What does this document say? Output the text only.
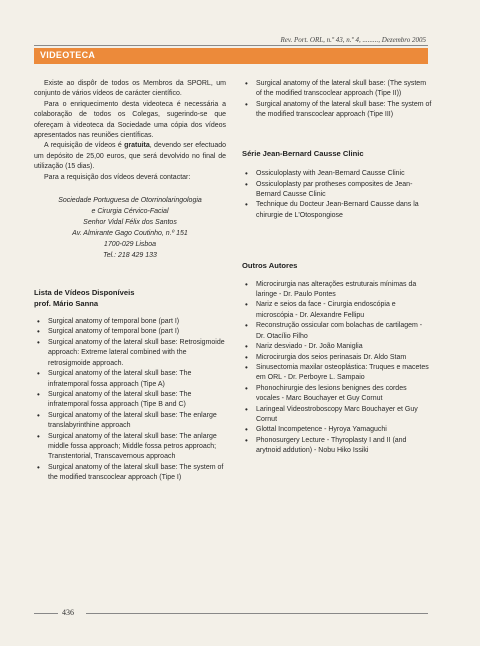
Rev. Port. ORL, n.º 43, n.º 4, ........., Dezembro 2005
VIDEOTECA

Existe ao dispôr de todos os Membros da SPORL, um conjunto de vários vídeos de carácter científico.

Para o enriquecimento desta videoteca é necessária a colaboração de todos os Colegas, sugerindo-se que ofereçam à videoteca da Sociedade uma cópia dos vídeos apresentados nas reuniões científicas.

A requisição de vídeos é gratuita, devendo ser efectuado um depósito de 25,00 euros, que será devolvido no final de utilização (15 dias).

Para a requisição dos vídeos deverá contactar:

Sociedade Portuguesa de Otorrinolaringologia
e Cirurgia Cérvico-Facial
Senhor Vidal Félix dos Santos
Av. Almirante Gago Coutinho, n.º 151
1700-029 Lisboa
Tel.: 218 429 133
Lista de Vídeos Disponíveis
prof. Mário Sanna
• Surgical anatomy of temporal bone (part I)
• Surgical anatomy of temporal bone (part I)
• Surgical anatomy of the lateral skull base: Retrosigmoide approach: Extreme lateral combined with the retrosigmoide approach.
• Surgical anatomy of the lateral skull base: The infratemporal fossa approach (Tipe A)
• Surgical anatomy of the lateral skull base: The infratemporal fossa approach (Tipe B and C)
• Surgical anatomy of the lateral skull base: The enlarge translabyrinthine approach
• Surgical anatomy of the lateral skull base: The anlarge middle fossa approach; Middle fossa petros approach; Transtentorial, Transcavernous approach
• Surgical anatomy of the lateral skull base: The system of the modified transcoclear approach (Tipe I)
• Surgical anatomy of the lateral skull base: (The system of the modified transcoclear approach (Tipe II))
• Surgical anatomy of the lateral skull base: The system of the modified transcoclear approach (Tipe III)
Série Jean-Bernard Causse Clinic
• Ossiculoplasty with Jean-Bernard Causse Clinic
• Ossiculoplasty par protheses composites de Jean-Bernard Causse Clinic
• Technique du Docteur Jean-Bernard Causse dans la chirurgie de L'Otospongiose
Outros Autores
• Microcirurgia nas alterações estruturais mínimas da laringe - Dr. Paulo Pontes
• Nariz e seios da face - Cirurgia endoscópia e microscópia - Dr. Alexandre Fellipu
• Reconstrução ossicular com bolachas de cartilagem - Dr. Otacílio Filho
• Nariz desviado - Dr. João Maniglia
• Microcirurgia dos seios perinasais Dr. Aldo Stam
• Sinusectomia maxilar osteoplástica: Truques e macetes em ORL - Dr. Perboyre L. Sampaio
• Phonochirurgie des lesions benignes des cordes vocales - Marc Bouchayer et Guy Cornut
• Laringeal Videostroboscopy Marc Bouchayer et Guy Cornut
• Glottal Incompetence - Hyroya Yamaguchi
• Phonosurgery Lecture - Thyroplasty I and II (and arytnoid addution) - Nobu Hiko Issiki
436
